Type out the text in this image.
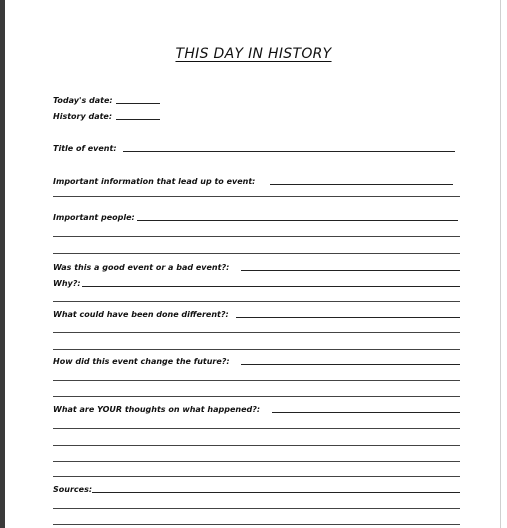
THIS DAY IN HISTORY
Today's date:
History date:
Title of event:
Important information that lead up to event:
Important people:
Was this a good event or a bad event?:
Why?:
What could have been done different?:
How did this event change the future?:
What are YOUR thoughts on what happened?:
Sources:
